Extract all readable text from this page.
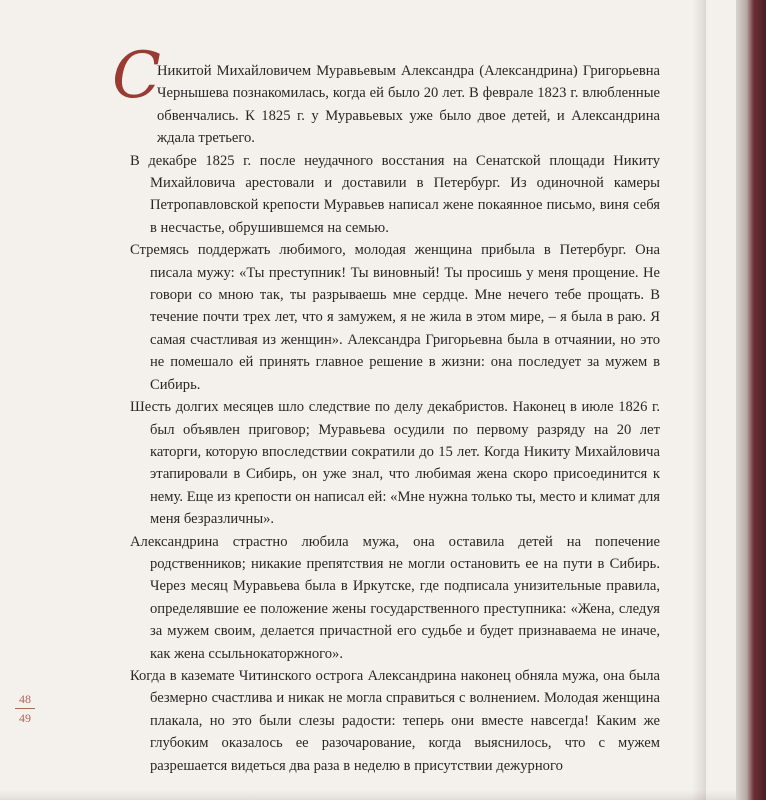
С
Никитой Михайловичем Муравьевым Александра (Александрина) Григорьевна Чернышева познакомилась, когда ей было 20 лет. В феврале 1823 г. влюбленные обвенчались. К 1825 г. у Муравьевых уже было двое детей, и Александрина ждала третьего.

В декабре 1825 г. после неудачного восстания на Сенатской площади Никиту Михайловича арестовали и доставили в Петербург. Из одиночной камеры Петропавловской крепости Муравьев написал жене покаянное письмо, виня себя в несчастье, обрушившемся на семью.

Стремясь поддержать любимого, молодая женщина прибыла в Петербург. Она писала мужу: «Ты преступник! Ты виновный! Ты просишь у меня прощение. Не говори со мною так, ты разрываешь мне сердце. Мне нечего тебе прощать. В течение почти трех лет, что я замужем, я не жила в этом мире, – я была в раю. Я самая счастливая из женщин». Александра Григорьевна была в отчаянии, но это не помешало ей принять главное решение в жизни: она последует за мужем в Сибирь.

Шесть долгих месяцев шло следствие по делу декабристов. Наконец в июле 1826 г. был объявлен приговор; Муравьева осудили по первому разряду на 20 лет каторги, которую впоследствии сократили до 15 лет. Когда Никиту Михайловича этапировали в Сибирь, он уже знал, что любимая жена скоро присоединится к нему. Еще из крепости он написал ей: «Мне нужна только ты, место и климат для меня безразличны».

Александрина страстно любила мужа, она оставила детей на попечение родственников; никакие препятствия не могли остановить ее на пути в Сибирь. Через месяц Муравьева была в Иркутске, где подписала унизительные правила, определявшие ее положение жены государственного преступника: «Жена, следуя за мужем своим, делается причастной его судьбе и будет признаваема не иначе, как жена ссыльнокаторжного».

Когда в каземате Читинского острога Александрина наконец обняла мужа, она была безмерно счастлива и никак не могла справиться с волнением. Молодая женщина плакала, но это были слезы радости: теперь они вместе навсегда! Каким же глубоким оказалось ее разочарование, когда выяснилось, что с мужем разрешается видеться два раза в неделю в присутствии дежурного

48
49
